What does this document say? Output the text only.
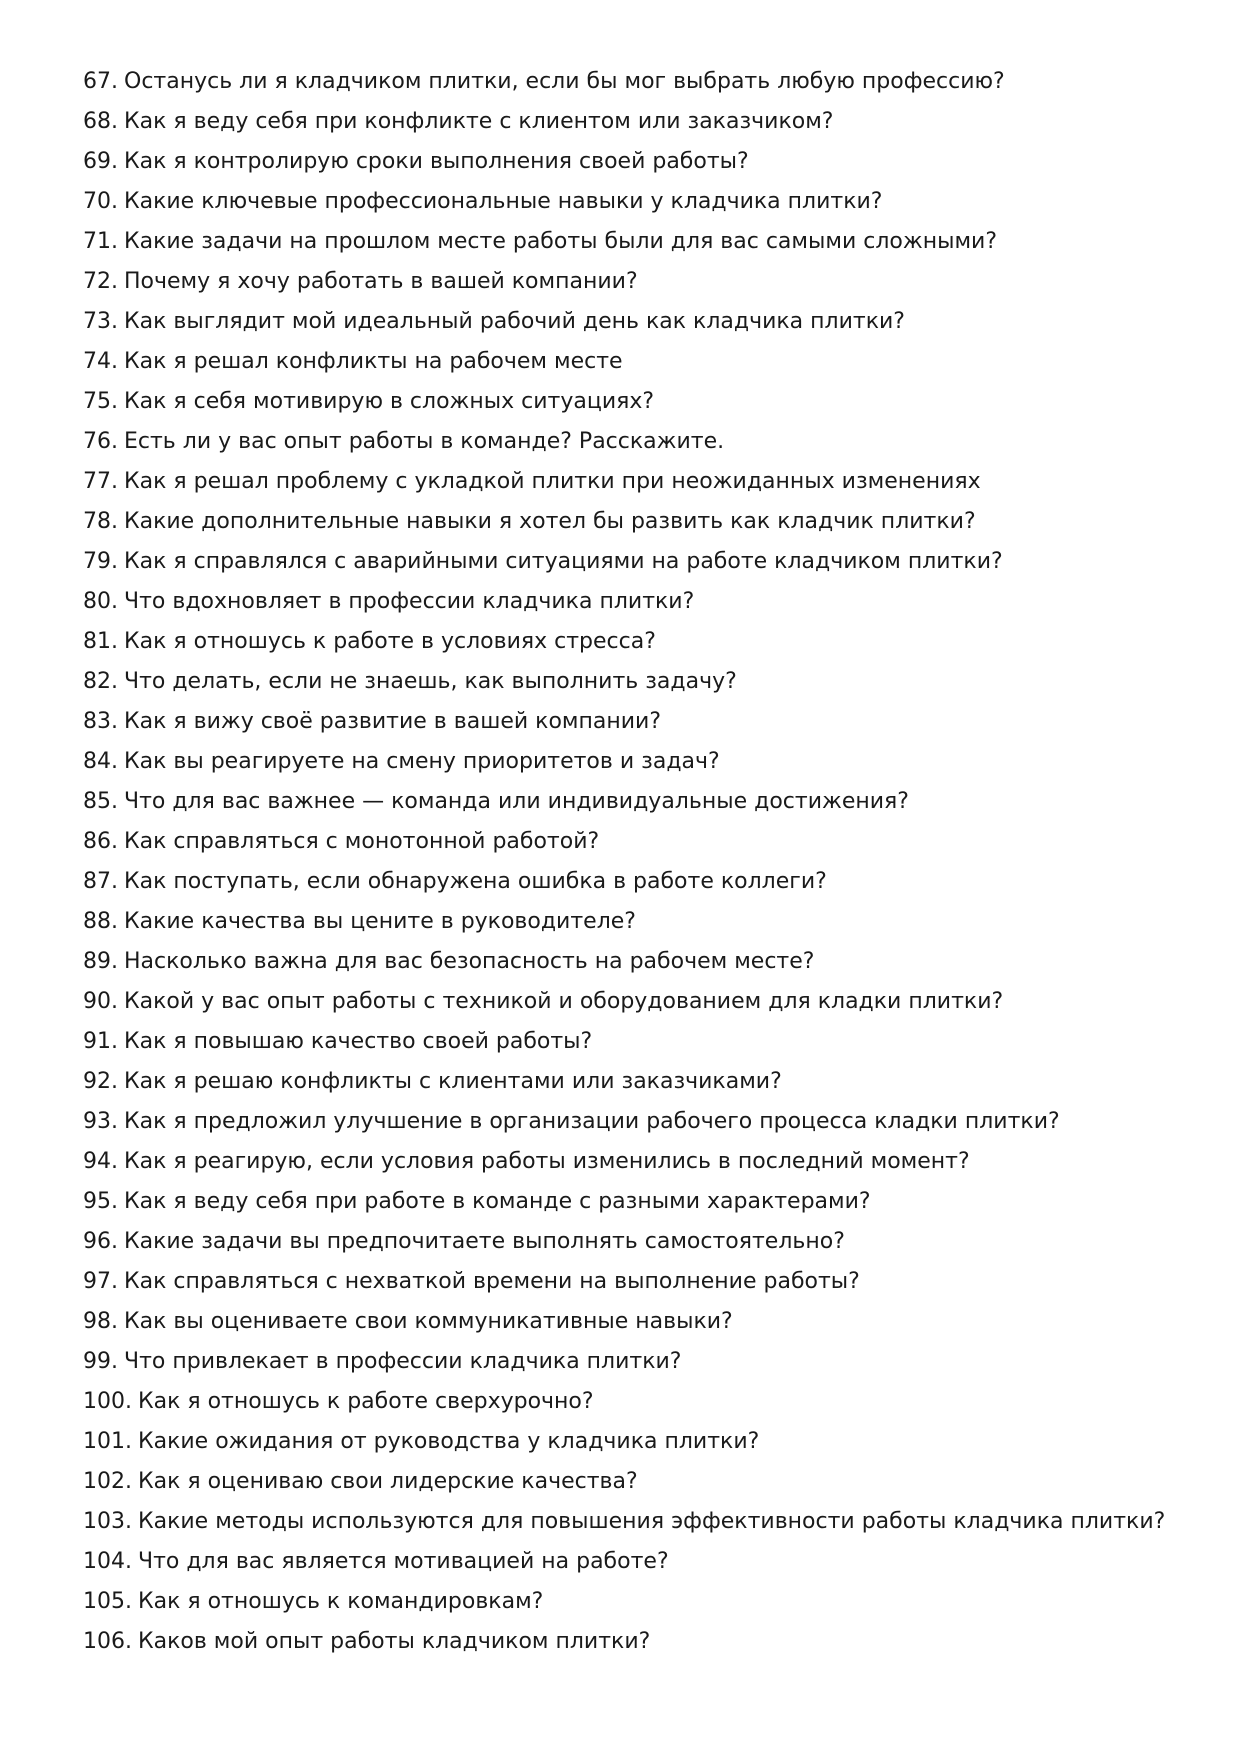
67. Останусь ли я кладчиком плитки, если бы мог выбрать любую профессию?
68. Как я веду себя при конфликте с клиентом или заказчиком?
69. Как я контролирую сроки выполнения своей работы?
70. Какие ключевые профессиональные навыки у кладчика плитки?
71. Какие задачи на прошлом месте работы были для вас самыми сложными?
72. Почему я хочу работать в вашей компании?
73. Как выглядит мой идеальный рабочий день как кладчика плитки?
74. Как я решал конфликты на рабочем месте
75. Как я себя мотивирую в сложных ситуациях?
76. Есть ли у вас опыт работы в команде? Расскажите.
77. Как я решал проблему с укладкой плитки при неожиданных изменениях
78. Какие дополнительные навыки я хотел бы развить как кладчик плитки?
79. Как я справлялся с аварийными ситуациями на работе кладчиком плитки?
80. Что вдохновляет в профессии кладчика плитки?
81. Как я отношусь к работе в условиях стресса?
82. Что делать, если не знаешь, как выполнить задачу?
83. Как я вижу своё развитие в вашей компании?
84. Как вы реагируете на смену приоритетов и задач?
85. Что для вас важнее — команда или индивидуальные достижения?
86. Как справляться с монотонной работой?
87. Как поступать, если обнаружена ошибка в работе коллеги?
88. Какие качества вы цените в руководителе?
89. Насколько важна для вас безопасность на рабочем месте?
90. Какой у вас опыт работы с техникой и оборудованием для кладки плитки?
91. Как я повышаю качество своей работы?
92. Как я решаю конфликты с клиентами или заказчиками?
93. Как я предложил улучшение в организации рабочего процесса кладки плитки?
94. Как я реагирую, если условия работы изменились в последний момент?
95. Как я веду себя при работе в команде с разными характерами?
96. Какие задачи вы предпочитаете выполнять самостоятельно?
97. Как справляться с нехваткой времени на выполнение работы?
98. Как вы оцениваете свои коммуникативные навыки?
99. Что привлекает в профессии кладчика плитки?
100. Как я отношусь к работе сверхурочно?
101. Какие ожидания от руководства у кладчика плитки?
102. Как я оцениваю свои лидерские качества?
103. Какие методы используются для повышения эффективности работы кладчика плитки?
104. Что для вас является мотивацией на работе?
105. Как я отношусь к командировкам?
106. Каков мой опыт работы кладчиком плитки?
